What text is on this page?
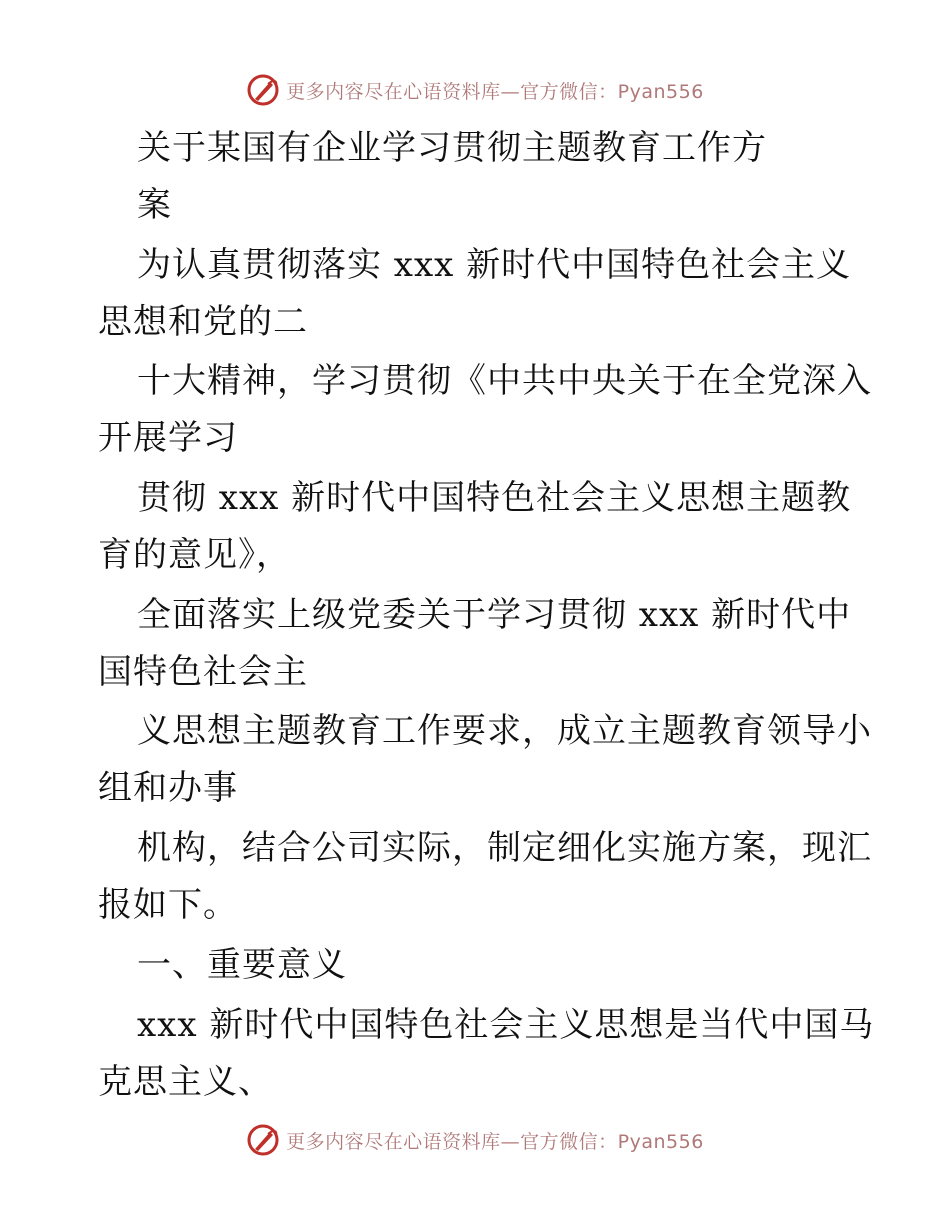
更多内容尽在心语资料库—官方微信：Pyan556
关于某国有企业学习贯彻主题教育工作方
案
为认真贯彻落实 xxx 新时代中国特色社会主义
思想和党的二
十大精神，学习贯彻《中共中央关于在全党深入
开展学习
贯彻 xxx 新时代中国特色社会主义思想主题教
育的意见》，
全面落实上级党委关于学习贯彻 xxx 新时代中
国特色社会主
义思想主题教育工作要求，成立主题教育领导小
组和办事
机构，结合公司实际，制定细化实施方案，现汇
报如下。
一、重要意义
xxx 新时代中国特色社会主义思想是当代中国马
克思主义、
更多内容尽在心语资料库—官方微信：Pyan556
